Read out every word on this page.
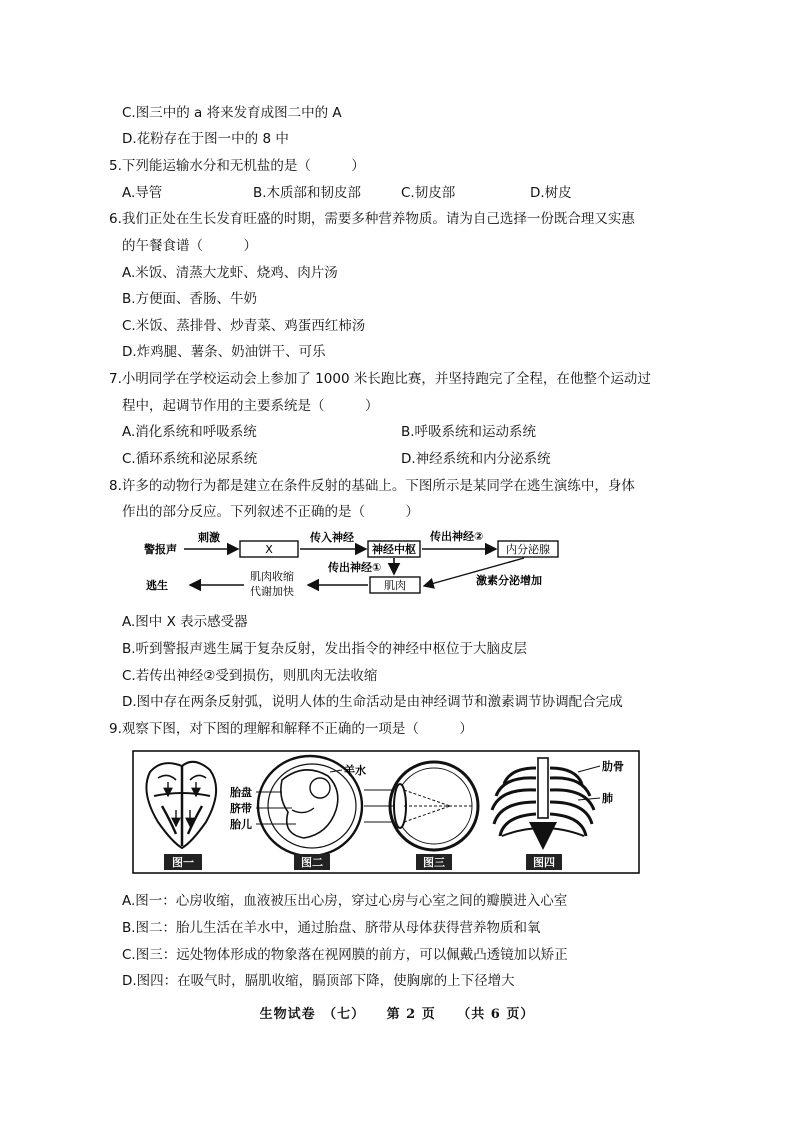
C.图三中的 a 将来发育成图二中的 A
D.花粉存在于图一中的 8 中
5.下列能运输水分和无机盐的是（　　　）
A.导管	B.木质部和韧皮部	C.韧皮部	D.树皮
6.我们正处在生长发育旺盛的时期，需要多种营养物质。请为自己选择一份既合理又实惠
的午餐食谱（　　　）
A.米饭、清蒸大龙虾、烧鸡、肉片汤
B.方便面、香肠、牛奶
C.米饭、蒸排骨、炒青菜、鸡蛋西红柿汤
D.炸鸡腿、薯条、奶油饼干、可乐
7.小明同学在学校运动会上参加了 1000 米长跑比赛，并坚持跑完了全程，在他整个运动过
程中，起调节作用的主要系统是（　　　）
A.消化系统和呼吸系统	B.呼吸系统和运动系统
C.循环系统和泌尿系统	D.神经系统和内分泌系统
8.许多的动物行为都是建立在条件反射的基础上。下图所示是某同学在逃生演练中，身体
作出的部分反应。下列叙述不正确的是（　　　）
警报声
刺激
X
传入神经
神经中枢
传出神经②
内分泌腺
传出神经①
肌肉	激素分泌增加
肌肉收缩
代谢加快
逃生
A.图中 X 表示感受器
B.听到警报声逃生属于复杂反射，发出指令的神经中枢位于大脑皮层
C.若传出神经②受到损伤，则肌肉无法收缩
D.图中存在两条反射弧，说明人体的生命活动是由神经调节和激素调节协调配合完成
9.观察下图，对下图的理解和解释不正确的一项是（　　　）
图一
羊水
胎盘
脐带
胎儿
图二	图三
肋骨
肺
图四
A.图一：心房收缩，血液被压出心房，穿过心房与心室之间的瓣膜进入心室
B.图二：胎儿生活在羊水中，通过胎盘、脐带从母体获得营养物质和氧
C.图三：远处物体形成的物象落在视网膜的前方，可以佩戴凸透镜加以矫正
D.图四：在吸气时，膈肌收缩，膈顶部下降，使胸廓的上下径增大
生物试卷　（七）　　第 2 页　　（共 6 页）
